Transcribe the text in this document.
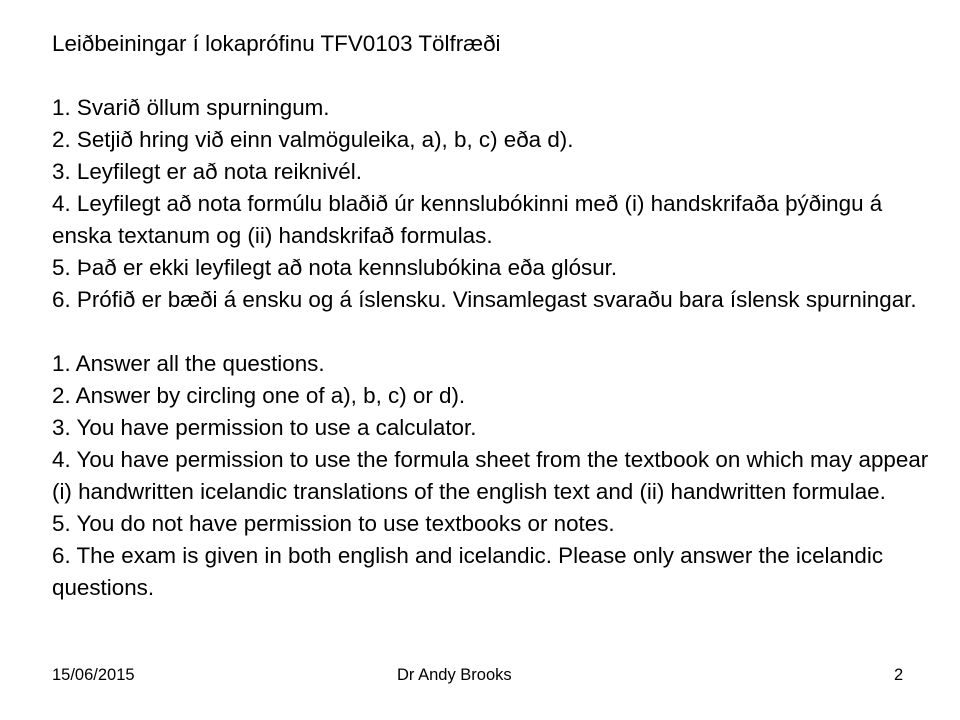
Leiðbeiningar í lokaprófinu TFV0103 Tölfræði

1. Svarið öllum spurningum.

2. Setjið hring við einn valmöguleika, a), b, c) eða d).

3. Leyfilegt er að nota reiknivél.

4. Leyfilegt að nota formúlu blaðið úr kennslubókinni með (i) handskrifaða þýðingu á enska textanum og (ii) handskrifað formulas.

5. Það er ekki leyfilegt að nota kennslubókina eða glósur.

6. Prófið er bæði á ensku og á íslensku. Vinsamlegast svaraðu bara íslensk spurningar.

1. Answer all the questions.

2. Answer by circling one of a), b, c) or d).

3. You have permission to use a calculator.

4. You have permission to use the formula sheet from the textbook on which may appear (i) handwritten icelandic translations of the english text and (ii) handwritten formulae.

5. You do not have permission to use textbooks or notes.

6. The exam is given in both english and icelandic. Please only answer the icelandic questions.

15/06/2015	Dr Andy Brooks	2
